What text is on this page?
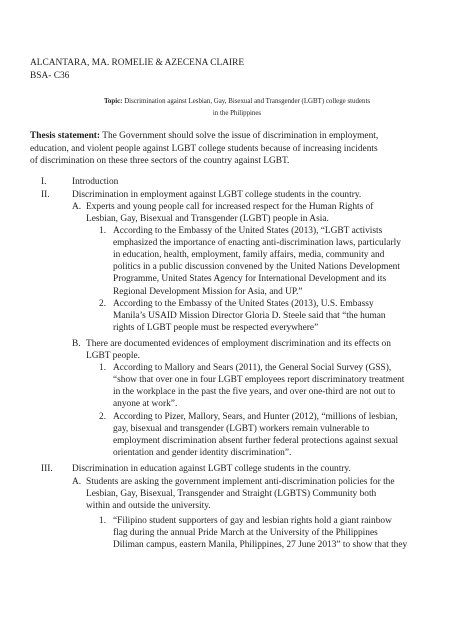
ALCANTARA, MA. ROMELIE & AZECENA CLAIRE
BSA- C36
Topic: Discrimination against Lesbian, Gay, Bisexual and Transgender (LGBT) college students
in the Philippines
Thesis statement: The Government should solve the issue of discrimination in employment,
education, and violent people against LGBT college students because of increasing incidents
of discrimination on these three sectors of the country against LGBT.
I.	Introduction
II. Discrimination in employment against LGBT college students in the country.
A. Experts and young people call for increased respect for the Human Rights of
Lesbian, Gay, Bisexual and Transgender (LGBT) people in Asia.
1. According to the Embassy of the United States (2013), “LGBT activists
emphasized the importance of enacting anti-discrimination laws, particularly
in education, health, employment, family affairs, media, community and
politics in a public discussion convened by the United Nations Development
Programme, United States Agency for International Development and its
Regional Development Mission for Asia, and UP.”
2. According to the Embassy of the United States (2013), U.S. Embassy
Manila’s USAID Mission Director Gloria D. Steele said that “the human
rights of LGBT people must be respected everywhere”
B. There are documented evidences of employment discrimination and its effects on
LGBT people.
1. According to Mallory and Sears (2011), the General Social Survey (GSS),
“show that over one in four LGBT employees report discriminatory treatment
in the workplace in the past the five years, and over one-third are not out to
anyone at work”.
2. According to Pizer, Mallory, Sears, and Hunter (2012), “millions of lesbian,
gay, bisexual and transgender (LGBT) workers remain vulnerable to
employment discrimination absent further federal protections against sexual
orientation and gender identity discrimination”.
III. Discrimination in education against LGBT college students in the country.
A. Students are asking the government implement anti-discrimination policies for the
Lesbian, Gay, Bisexual, Transgender and Straight (LGBTS) Community both
within and outside the university.
1. “Filipino student supporters of gay and lesbian rights hold a giant rainbow
flag during the annual Pride March at the University of the Philippines
Diliman campus, eastern Manila, Philippines, 27 June 2013” to show that they
